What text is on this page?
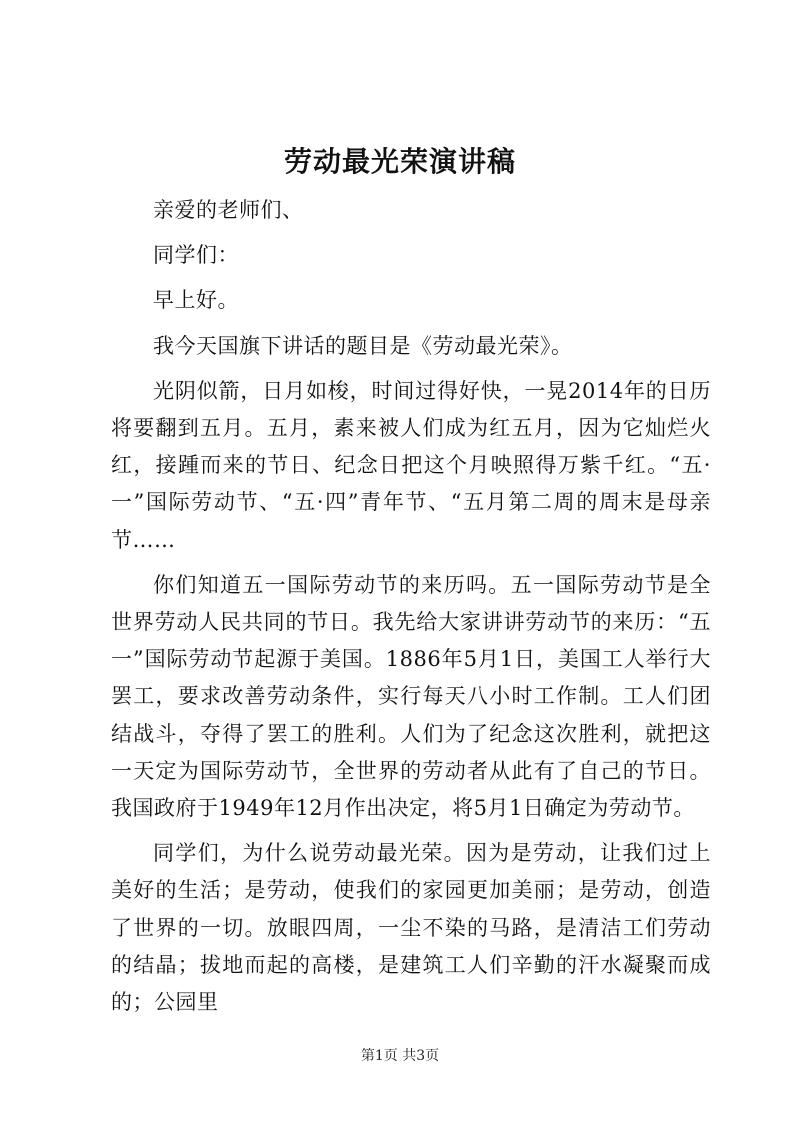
劳动最光荣演讲稿

亲爱的老师们、

同学们：

早上好。

我今天国旗下讲话的题目是《劳动最光荣》。

光阴似箭，日月如梭，时间过得好快，一晃2014年的日历将要翻到五月。五月，素来被人们成为红五月，因为它灿烂火红，接踵而来的节日、纪念日把这个月映照得万紫千红。“五·一”国际劳动节、“五·四”青年节、“五月第二周的周末是母亲节……

你们知道五一国际劳动节的来历吗。五一国际劳动节是全世界劳动人民共同的节日。我先给大家讲讲劳动节的来历：“五一”国际劳动节起源于美国。1886年5月1日，美国工人举行大罢工，要求改善劳动条件，实行每天八小时工作制。工人们团结战斗，夺得了罢工的胜利。人们为了纪念这次胜利，就把这一天定为国际劳动节，全世界的劳动者从此有了自己的节日。我国政府于1949年12月作出决定，将5月1日确定为劳动节。

同学们，为什么说劳动最光荣。因为是劳动，让我们过上美好的生活；是劳动，使我们的家园更加美丽；是劳动，创造了世界的一切。放眼四周，一尘不染的马路，是清洁工们劳动的结晶；拔地而起的高楼，是建筑工人们辛勤的汗水凝聚而成的；公园里

第1页 共3页
